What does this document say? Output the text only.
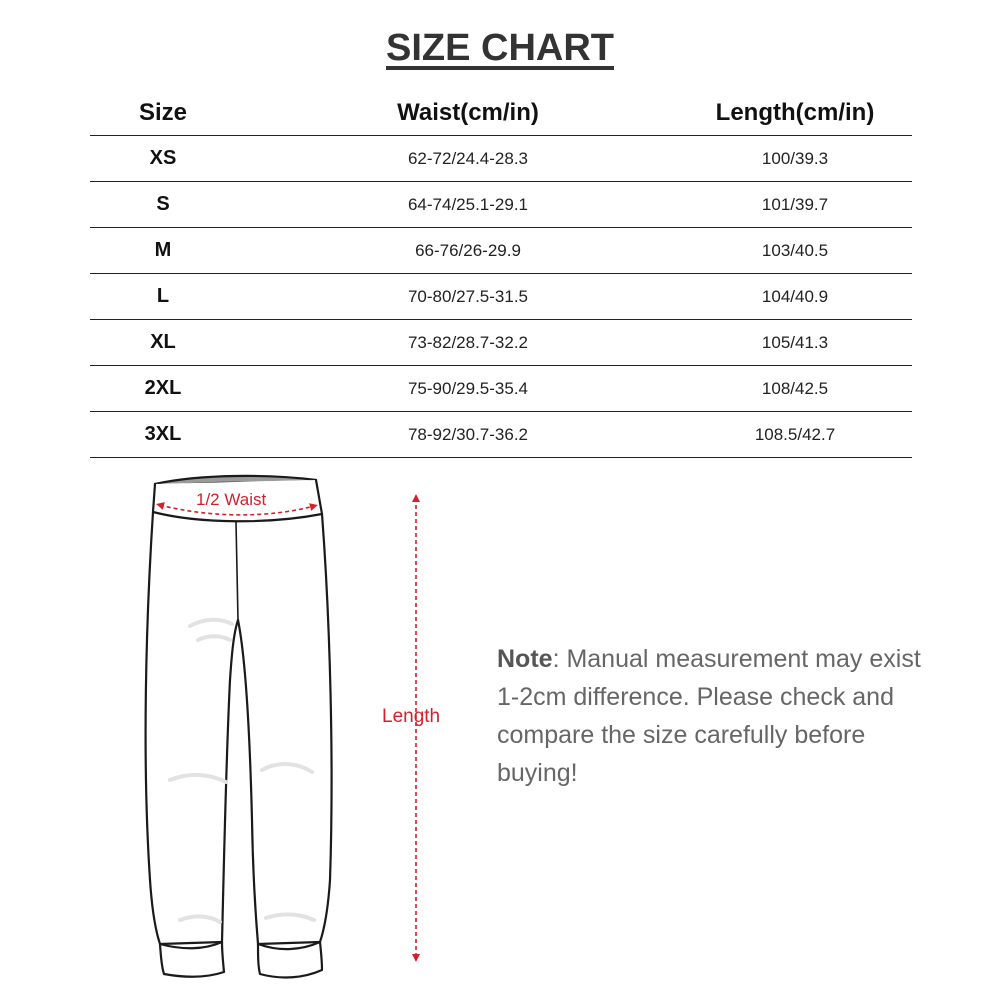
SIZE CHART
Size	Waist(cm/in)	Length(cm/in)
XS	62-72/24.4-28.3	100/39.3
S	64-74/25.1-29.1	101/39.7
M	66-76/26-29.9	103/40.5
L	70-80/27.5-31.5	104/40.9
XL	73-82/28.7-32.2	105/41.3
2XL	75-90/29.5-35.4	108/42.5
3XL	78-92/30.7-36.2	108.5/42.7
1/2 Waist
Length
Note: Manual measurement may exist 1-2cm difference. Please check and compare the size carefully before buying!
